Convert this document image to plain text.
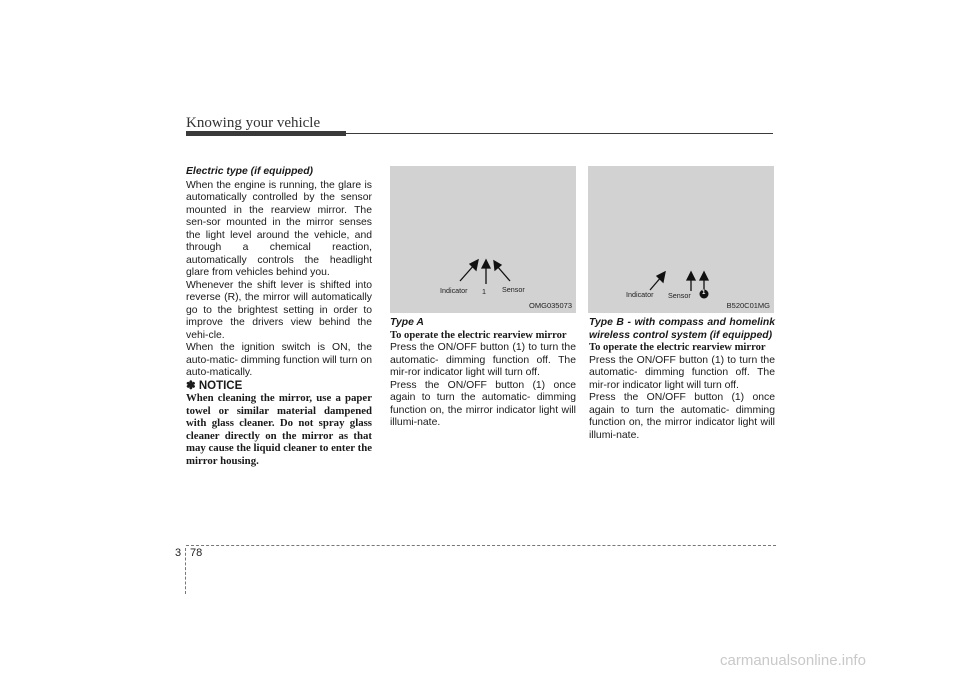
Knowing your vehicle

Electric type (if equipped)

When the engine is running, the glare is automatically controlled by the sensor mounted in the rearview mirror. The sen-sor mounted in the mirror senses the light level around the vehicle, and through a chemical reaction, automatically controls the headlight glare from vehicles behind you.

Whenever the shift lever is shifted into reverse (R), the mirror will automatically go to the brightest setting in order to improve the drivers view behind the vehi-cle.

When the ignition switch is ON, the auto-matic- dimming function will turn on auto-matically.

✽ NOTICE

When cleaning the mirror, use a paper towel or similar material dampened with glass cleaner. Do not spray glass cleaner directly on the mirror as that may cause the liquid cleaner to enter the mirror housing.

Indicator 1 Sensor
OMG035073

Type A

To operate the electric rearview mirror

Press the ON/OFF button (1) to turn the automatic- dimming function off. The mir-ror indicator light will turn off.

Press the ON/OFF button (1) once again to turn the automatic- dimming function on, the mirror indicator light will illumi-nate.

Indicator Sensor 1
B520C01MG

Type B - with compass and homelink wireless control system (if equipped)

To operate the electric rearview mirror

Press the ON/OFF button (1) to turn the automatic- dimming function off. The mir-ror indicator light will turn off.

Press the ON/OFF button (1) once again to turn the automatic- dimming function on, the mirror indicator light will illumi-nate.

3 78
carmanualsonline.info
